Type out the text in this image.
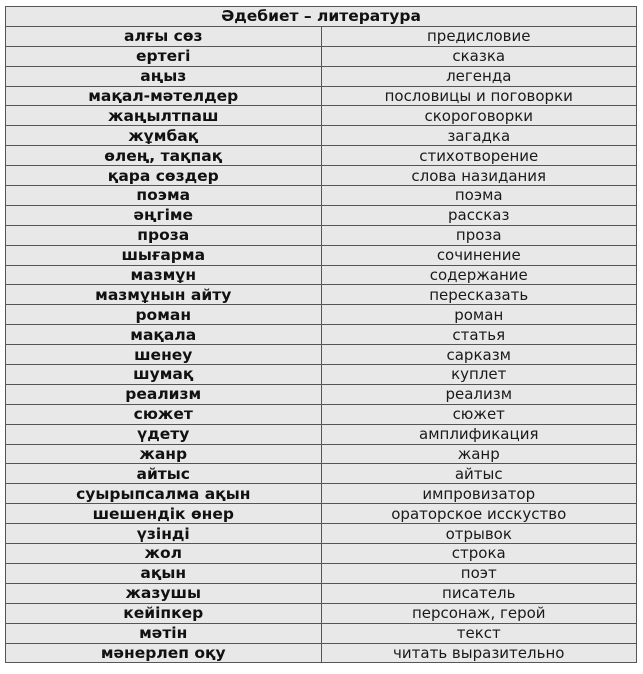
Әдебиет – литература	
алғы сөз	предисловие
ертегі	сказка
аңыз	легенда
мақал-мәтелдер	пословицы и поговорки
жаңылтпаш	скороговорки
жұмбақ	загадка
өлең, тақпақ	стихотворение
қара сөздер	слова назидания
поэма	поэма
әңгіме	рассказ
проза	проза
шығарма	сочинение
мазмұн	содержание
мазмұнын айту	пересказать
роман	роман
мақала	статья
шенеу	сарказм
шумақ	куплет
реализм	реализм
сюжет	сюжет
үдету	амплификация
жанр	жанр
айтыс	айтыс
суырыпсалма ақын	импровизатор
шешендік өнер	ораторское исскуство
үзінді	отрывок
жол	строка
ақын	поэт
жазушы	писатель
кейіпкер	персонаж, герой
мәтін	текст
мәнерлеп оқу	читать выразительно
